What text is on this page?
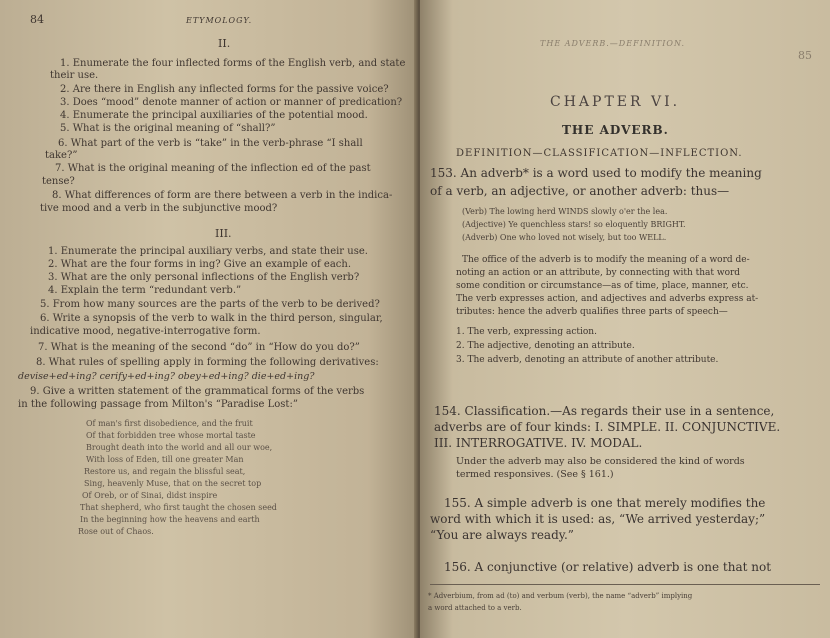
84	ETYMOLOGY.
II.
1. Enumerate the four inflected forms of the English verb, and state
their use.
2. Are there in English any inflected forms for the passive voice?
3. Does “mood” denote manner of action or manner of predication?
4. Enumerate the principal auxiliaries of the potential mood.
5. What is the original meaning of “shall?”
6. What part of the verb is “take” in the verb-phrase “I shall
take?”
7. What is the original meaning of the inflection ed of the past
tense?
8. What differences of form are there between a verb in the indica-
tive mood and a verb in the subjunctive mood?
III.
1. Enumerate the principal auxiliary verbs, and state their use.
2. What are the four forms in ing? Give an example of each.
3. What are the only personal inflections of the English verb?
4. Explain the term “redundant verb.”
5. From how many sources are the parts of the verb to be derived?
6. Write a synopsis of the verb to walk in the third person, singular,
indicative mood, negative-interrogative form.
7. What is the meaning of the second “do” in “How do you do?”
8. What rules of spelling apply in forming the following derivatives:
devise+ed+ing? cerify+ed+ing? obey+ed+ing? die+ed+ing?
9. Give a written statement of the grammatical forms of the verbs
in the following passage from Milton's “Paradise Lost:”
Of man's first disobedience, and the fruit
Of that forbidden tree whose mortal taste
Brought death into the world and all our woe,
With loss of Eden, till one greater Man
Restore us, and regain the blissful seat,
Sing, heavenly Muse, that on the secret top
Of Oreb, or of Sinai, didst inspire
That shepherd, who first taught the chosen seed
In the beginning how the heavens and earth
Rose out of Chaos.
THE ADVERB.—DEFINITION.
85
CHAPTER VI.
THE ADVERB.
DEFINITION—CLASSIFICATION—INFLECTION.
153. An adverb* is a word used to modify the meaning
of a verb, an adjective, or another adverb: thus—
(Verb) The lowing herd WINDS slowly o'er the lea.
(Adjective) Ye quenchless stars! so eloquently BRIGHT.
(Adverb) One who loved not wisely, but too WELL.
The office of the adverb is to modify the meaning of a word de-
noting an action or an attribute, by connecting with that word
some condition or circumstance—as of time, place, manner, etc.
The verb expresses action, and adjectives and adverbs express at-
tributes: hence the adverb qualifies three parts of speech—
1. The verb, expressing action.
2. The adjective, denoting an attribute.
3. The adverb, denoting an attribute of another attribute.
154. Classification.—As regards their use in a sentence,
adverbs are of four kinds: I. SIMPLE. II. CONJUNCTIVE.
III. INTERROGATIVE. IV. MODAL.
Under the adverb may also be considered the kind of words
termed responsives. (See § 161.)
155. A simple adverb is one that merely modifies the
word with which it is used: as, “We arrived yesterday;”
“You are always ready.”
156. A conjunctive (or relative) adverb is one that not
* Adverbium, from ad (to) and verbum (verb), the name “adverb” implying
a word attached to a verb.
